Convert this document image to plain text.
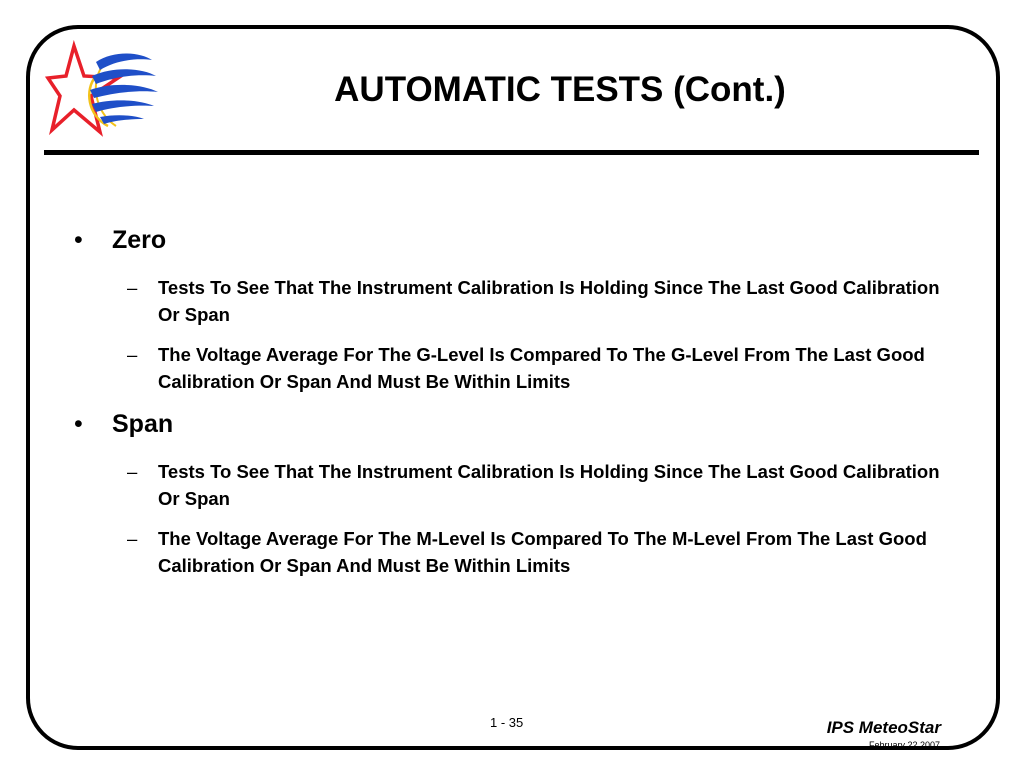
AUTOMATIC TESTS (Cont.)
• Zero
– Tests To See That The Instrument Calibration Is Holding Since The Last Good Calibration Or Span
– The Voltage Average For The G-Level Is Compared To The G-Level From The Last Good Calibration Or Span And Must Be Within Limits
• Span
– Tests To See That The Instrument Calibration Is Holding Since The Last Good Calibration Or Span
– The Voltage Average For The M-Level Is Compared To The M-Level From The Last Good Calibration Or Span And Must Be Within Limits
1 - 35	IPS MeteoStar
February 22,2007
